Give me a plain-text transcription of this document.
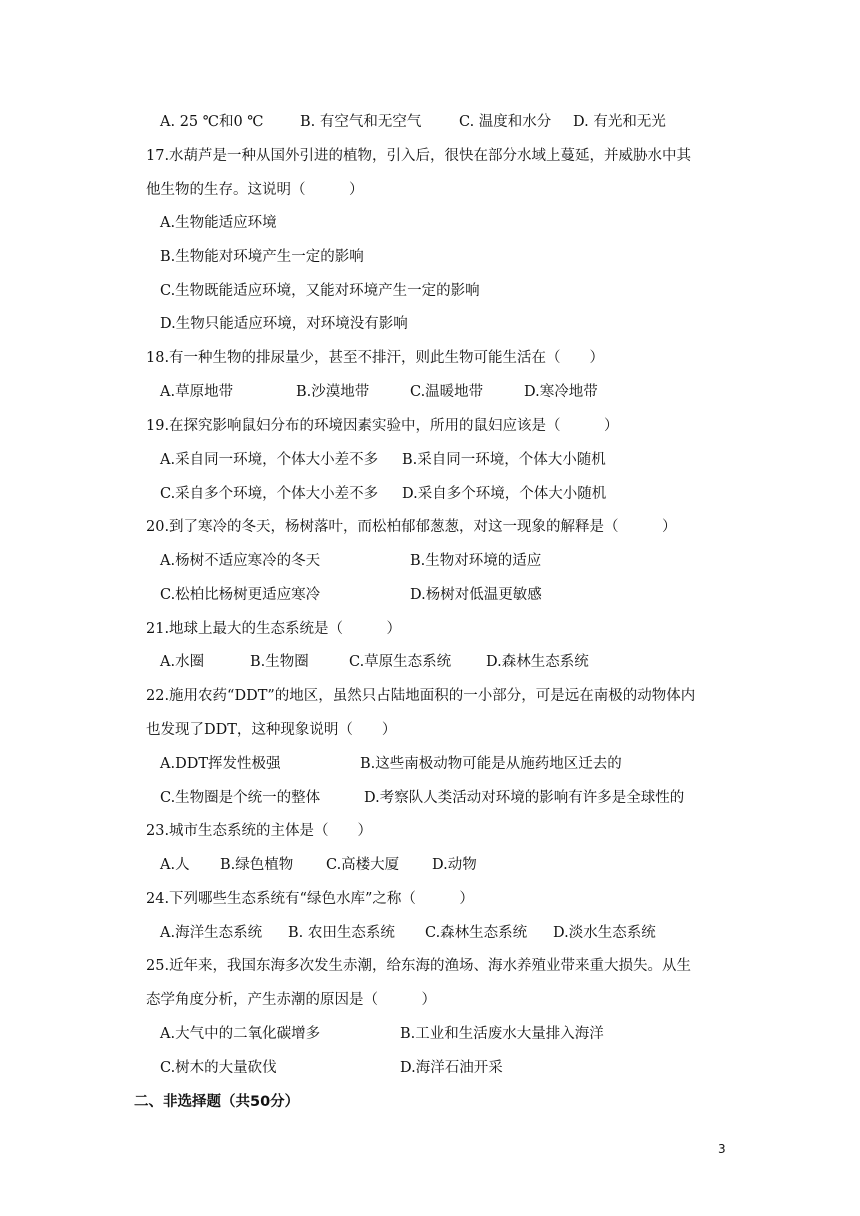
A. 25 ℃和0 ℃	B. 有空气和无空气	C. 温度和水分 D. 有光和无光
17.水葫芦是一种从国外引进的植物，引入后，很快在部分水域上蔓延，并威胁水中其
他生物的生存。这说明（　　　）
A.生物能适应环境
B.生物能对环境产生一定的影响
C.生物既能适应环境，又能对环境产生一定的影响
D.生物只能适应环境，对环境没有影响
18.有一种生物的排尿量少，甚至不排汗，则此生物可能生活在（　　）
A.草原地带	B.沙漠地带	C.温暖地带	D.寒冷地带
19.在探究影响鼠妇分布的环境因素实验中，所用的鼠妇应该是（　　　）
A.采自同一环境，个体大小差不多 B.采自同一环境，个体大小随机
C.采自多个环境，个体大小差不多 D.采自多个环境，个体大小随机
20.到了寒冷的冬天，杨树落叶，而松柏郁郁葱葱，对这一现象的解释是（　　　）
A.杨树不适应寒冷的冬天	B.生物对环境的适应
C.松柏比杨树更适应寒冷	D.杨树对低温更敏感
21.地球上最大的生态系统是（　　　）
A.水圈	B.生物圈	C.草原生态系统 D.森林生态系统
22.施用农药“DDT”的地区，虽然只占陆地面积的一小部分，可是远在南极的动物体内
也发现了DDT，这种现象说明（　　）
A.DDT挥发性极强	B.这些南极动物可能是从施药地区迁去的
C.生物圈是个统一的整体	D.考察队人类活动对环境的影响有许多是全球性的
23.城市生态系统的主体是（　　）
A.人 B.绿色植物 C.高楼大厦 D.动物
24.下列哪些生态系统有“绿色水库”之称（　　　）
A.海洋生态系统 B. 农田生态系统 C.森林生态系统 D.淡水生态系统
25.近年来，我国东海多次发生赤潮，给东海的渔场、海水养殖业带来重大损失。从生
态学角度分析，产生赤潮的原因是（　　　）
A.大气中的二氧化碳增多	B.工业和生活废水大量排入海洋
C.树木的大量砍伐	D.海洋石油开采
二、非选择题（共50分）
3
